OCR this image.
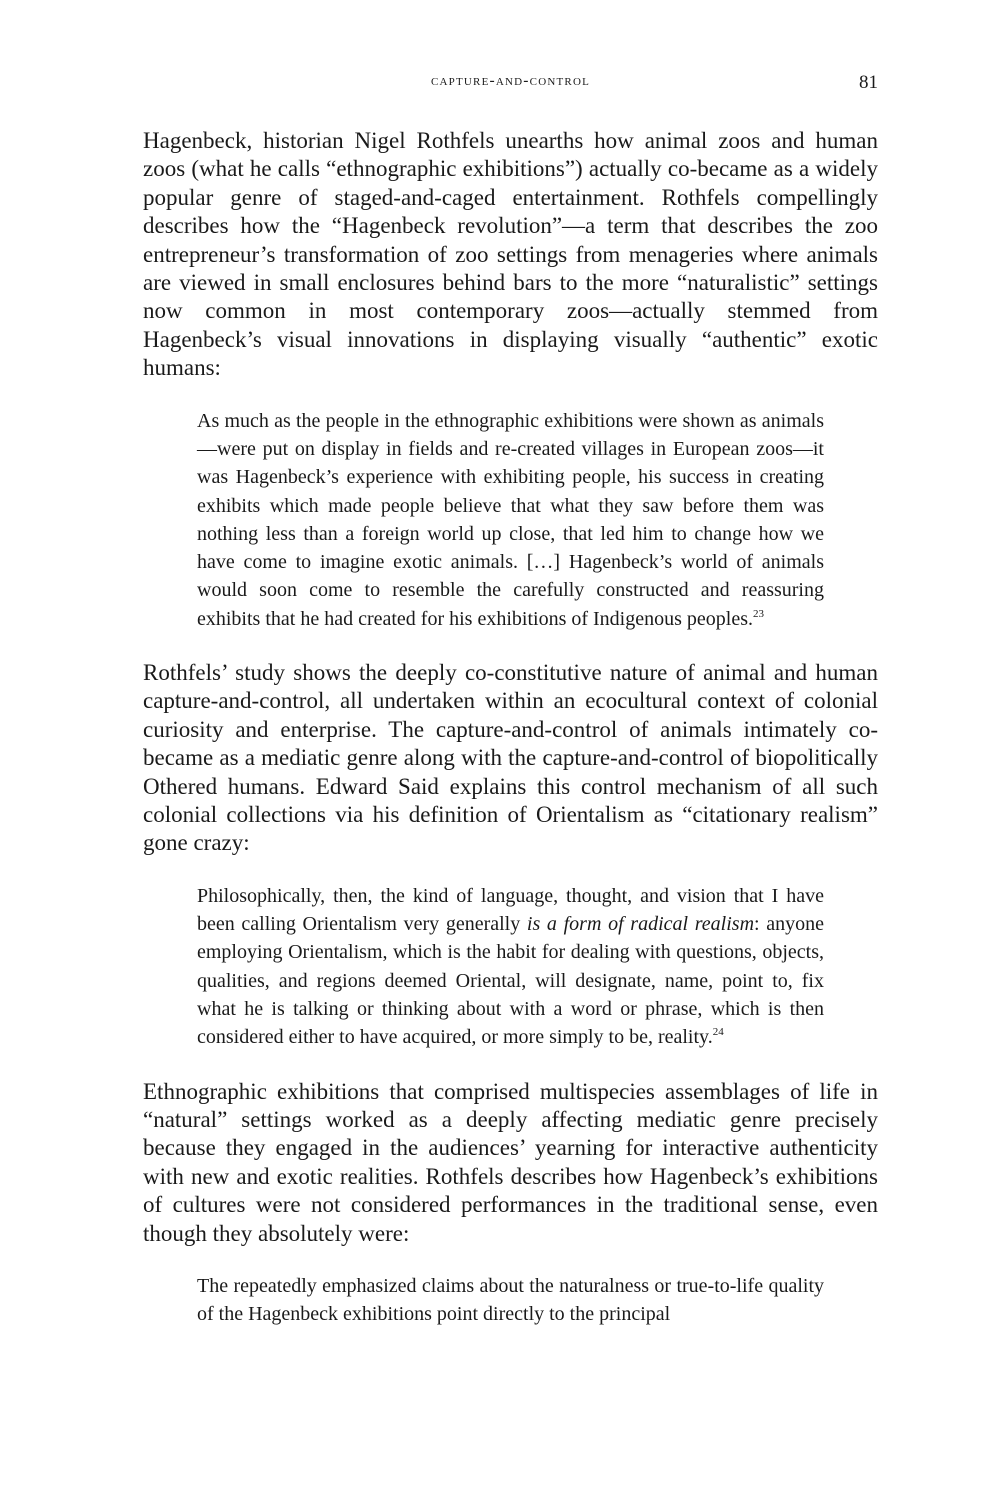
capture-and-control	81

Hagenbeck, historian Nigel Rothfels unearths how animal zoos and human zoos (what he calls “ethnographic exhibitions”) actually co-became as a widely popular genre of staged-and-caged entertainment. Rothfels compellingly describes how the “Hagenbeck revolution”—a term that describes the zoo entrepreneur’s transformation of zoo settings from menageries where animals are viewed in small enclosures behind bars to the more “naturalistic” settings now common in most contemporary zoos—actually stemmed from Hagenbeck’s visual innovations in displaying visually “authentic” exotic humans:

As much as the people in the ethnographic exhibitions were shown as animals—were put on display in fields and re-created villages in European zoos—it was Hagenbeck’s experience with exhibiting people, his success in creating exhibits which made people believe that what they saw before them was nothing less than a foreign world up close, that led him to change how we have come to imagine exotic animals. […] Hagenbeck’s world of animals would soon come to resemble the carefully constructed and reassuring exhibits that he had created for his exhibitions of Indigenous peoples.$^{23}$

Rothfels’ study shows the deeply co-constitutive nature of animal and human capture-and-control, all undertaken within an ecocultural context of colonial curiosity and enterprise. The capture-and-control of animals intimately co-became as a mediatic genre along with the capture-and-control of biopolitically Othered humans. Edward Said explains this control mechanism of all such colonial collections via his definition of Orientalism as “citationary realism” gone crazy:

Philosophically, then, the kind of language, thought, and vision that I have been calling Orientalism very generally is a form of radical realism: anyone employing Orientalism, which is the habit for dealing with questions, objects, qualities, and regions deemed Oriental, will designate, name, point to, fix what he is talking or thinking about with a word or phrase, which is then considered either to have acquired, or more simply to be, reality.$^{24}$

Ethnographic exhibitions that comprised multispecies assemblages of life in “natural” settings worked as a deeply affecting mediatic genre precisely because they engaged in the audiences’ yearning for interactive authenticity with new and exotic realities. Rothfels describes how Hagenbeck’s exhibitions of cultures were not considered performances in the traditional sense, even though they absolutely were:

The repeatedly emphasized claims about the naturalness or true-to-life quality of the Hagenbeck exhibitions point directly to the principal
